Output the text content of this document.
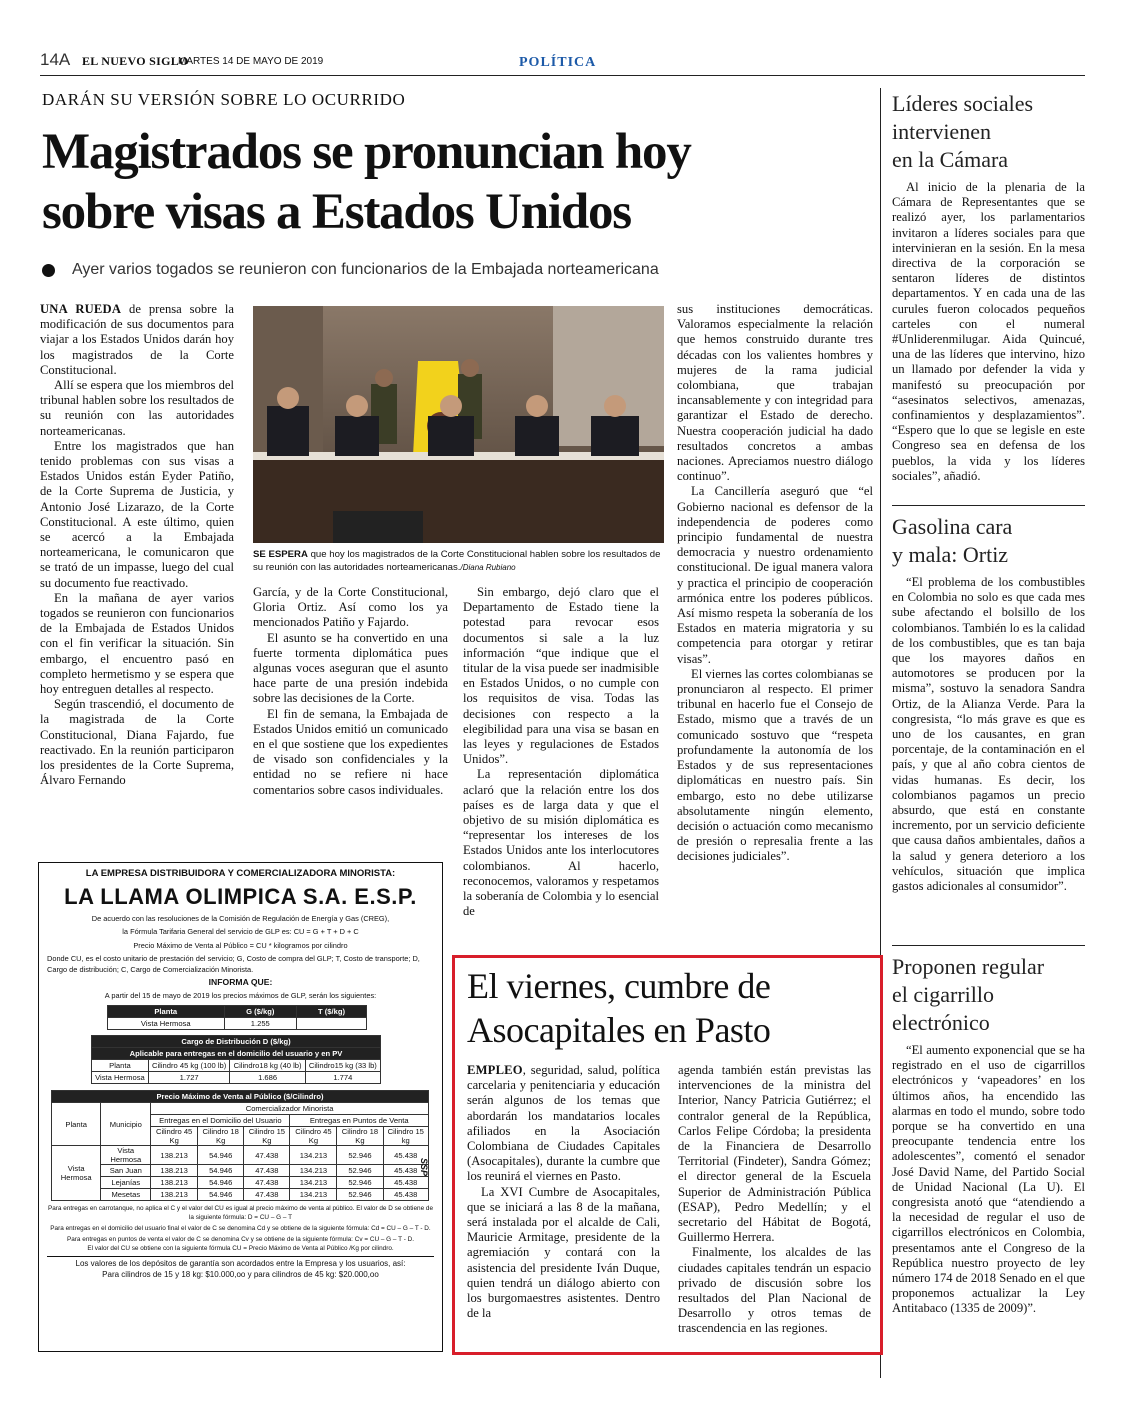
14A EL NUEVO SIGLO
MARTES 14 DE MAYO DE 2019	POLÍTICA
DARÁN SU VERSIÓN SOBRE LO OCURRIDO
Magistrados se pronuncian hoy
sobre visas a Estados Unidos
Ayer varios togados se reunieron con funcionarios de la Embajada norteamericana

UNA RUEDA de prensa sobre la modificación de sus documentos para viajar a los Estados Unidos darán hoy los magistrados de la Corte Constitucional.

Allí se espera que los miembros del tribunal hablen sobre los resultados de su reunión con las autoridades norteamericanas.

Entre los magistrados que han tenido problemas con sus visas a Estados Unidos están Eyder Patiño, de la Corte Suprema de Justicia, y Antonio José Lizarazo, de la Corte Constitucional. A este último, quien se acercó a la Embajada norteamericana, le comunicaron que se trató de un impasse, luego del cual su documento fue reactivado.

En la mañana de ayer varios togados se reunieron con funcionarios de la Embajada de Estados Unidos con el fin verificar la situación. Sin embargo, el encuentro pasó en completo hermetismo y se espera que hoy entreguen detalles al respecto.

Según trascendió, el documento de la magistrada de la Corte Constitucional, Diana Fajardo, fue reactivado. En la reunión participaron los presidentes de la Corte Suprema, Álvaro Fernando

SE ESPERA que hoy los magistrados de la Corte Constitucional hablen sobre los resultados de su reunión con las autoridades norteamericanas./Diana Rubiano

García, y de la Corte Constitucional, Gloria Ortiz. Así como los ya mencionados Patiño y Fajardo.

El asunto se ha convertido en una fuerte tormenta diplomática pues algunas voces aseguran que el asunto hace parte de una presión indebida sobre las decisiones de la Corte.

El fin de semana, la Embajada de Estados Unidos emitió un comunicado en el que sostiene que los expedientes de visado son confidenciales y la entidad no se refiere ni hace comentarios sobre casos individuales.

Sin embargo, dejó claro que el Departamento de Estado tiene la potestad para revocar esos documentos si sale a la luz información “que indique que el titular de la visa puede ser inadmisible en Estados Unidos, o no cumple con los requisitos de visa. Todas las decisiones con respecto a la elegibilidad para una visa se basan en las leyes y regulaciones de Estados Unidos”.

La representación diplomática aclaró que la relación entre los dos países es de larga data y que el objetivo de su misión diplomática es “representar los intereses de los Estados Unidos ante los interlocutores colombianos. Al hacerlo, reconocemos, valoramos y respetamos la soberanía de Colombia y lo esencial de

sus instituciones democráticas. Valoramos especialmente la relación que hemos construido durante tres décadas con los valientes hombres y mujeres de la rama judicial colombiana, que trabajan incansablemente y con integridad para garantizar el Estado de derecho. Nuestra cooperación judicial ha dado resultados concretos a ambas naciones. Apreciamos nuestro diálogo continuo”.

La Cancillería aseguró que “el Gobierno nacional es defensor de la independencia de poderes como principio fundamental de nuestra democracia y nuestro ordenamiento constitucional. De igual manera valora y practica el principio de cooperación armónica entre los poderes públicos. Así mismo respeta la soberanía de los Estados en materia migratoria y su competencia para otorgar y retirar visas”.

El viernes las cortes colombianas se pronunciaron al respecto. El primer tribunal en hacerlo fue el Consejo de Estado, mismo que a través de un comunicado sostuvo que “respeta profundamente la autonomía de los Estados y de sus representaciones diplomáticas en nuestro país. Sin embargo, esto no debe utilizarse absolutamente ningún elemento, decisión o actuación como mecanismo de presión o represalia frente a las decisiones judiciales”.

Líderes sociales
intervienen
en la Cámara

Al inicio de la plenaria de la Cámara de Representantes que se realizó ayer, los parlamentarios invitaron a líderes sociales para que intervinieran en la sesión. En la mesa directiva de la corporación se sentaron líderes de distintos departamentos. Y en cada una de las curules fueron colocados pequeños carteles con el numeral #Unliderenmilugar. Aida Quincué, una de las líderes que intervino, hizo un llamado por defender la vida y manifestó su preocupación por “asesinatos selectivos, amenazas, confinamientos y desplazamientos”. “Espero que lo que se legisle en este Congreso sea en defensa de los pueblos, la vida y los líderes sociales”, añadió.

Gasolina cara
y mala: Ortiz

“El problema de los combustibles en Colombia no solo es que cada mes sube afectando el bolsillo de los colombianos. También lo es la calidad de los combustibles, que es tan baja que los mayores daños en automotores se producen por la misma”, sostuvo la senadora Sandra Ortiz, de la Alianza Verde. Para la congresista, “lo más grave es que es uno de los causantes, en gran porcentaje, de la contaminación en el país, y que al año cobra cientos de vidas humanas. Es decir, los colombianos pagamos un precio absurdo, que está en constante incremento, por un servicio deficiente que causa daños ambientales, daños a la salud y genera deterioro a los vehículos, situación que implica gastos adicionales al consumidor”.

Proponen regular
el cigarrillo
electrónico

“El aumento exponencial que se ha registrado en el uso de cigarrillos electrónicos y ‘vapeadores’ en los últimos años, ha encendido las alarmas en todo el mundo, sobre todo porque se ha convertido en una preocupante tendencia entre los adolescentes”, comentó el senador José David Name, del Partido Social de Unidad Nacional (La U). El congresista anotó que “atendiendo a la necesidad de regular el uso de cigarrillos electrónicos en Colombia, presentamos ante el Congreso de la República nuestro proyecto de ley número 174 de 2018 Senado en el que proponemos actualizar la Ley Antitabaco (1335 de 2009)”.

El viernes, cumbre de
Asocapitales en Pasto

EMPLEO, seguridad, salud, política carcelaria y penitenciaria y educación serán algunos de los temas que abordarán los mandatarios locales afiliados en la Asociación Colombiana de Ciudades Capitales (Asocapitales), durante la cumbre que los reunirá el viernes en Pasto.

La XVI Cumbre de Asocapitales, que se iniciará a las 8 de la mañana, será instalada por el alcalde de Cali, Mauricie Armitage, presidente de la agremiación y contará con la asistencia del presidente Iván Duque, quien tendrá un diálogo abierto con los burgomaestres asistentes. Dentro de la

agenda también están previstas las intervenciones de la ministra del Interior, Nancy Patricia Gutiérrez; el contralor general de la República, Carlos Felipe Córdoba; la presidenta de la Financiera de Desarrollo Territorial (Findeter), Sandra Gómez; el director general de la Escuela Superior de Administración Pública (ESAP), Pedro Medellín; y el secretario del Hábitat de Bogotá, Guillermo Herrera.

Finalmente, los alcaldes de las ciudades capitales tendrán un espacio privado de discusión sobre los resultados del Plan Nacional de Desarrollo y otros temas de trascendencia en las regiones.

LA EMPRESA DISTRIBUIDORA Y COMERCIALIZADORA MINORISTA:
LA LLAMA OLIMPICA S.A. E.S.P.
De acuerdo con las resoluciones de la Comisión de Regulación de Energía y Gas (CREG),
la Fórmula Tarifaria General del servicio de GLP es: CU = G + T + D + C
Precio Máximo de Venta al Público = CU * kilogramos por cilindro
Donde CU, es el costo unitario de prestación del servicio; G, Costo de compra del GLP; T, Costo de transporte; D, Cargo de distribución; C, Cargo de Comercialización Minorista.
INFORMA QUE:
A partir del 15 de mayo de 2019 los precios máximos de GLP, serán los siguientes:
Planta	G ($/kg)	T ($/kg)
Vista Hermosa	1.255	
Cargo de Distribución D ($/kg)			
Aplicable para entregas en el domicilio del usuario y en PV			
Planta	Cilindro 45 kg (100 lb)	Cilindro18 kg (40 lb)	Cilindro15 kg (33 lb)
Vista Hermosa	1.727	1.686	1.774
SSP
Precio Máximo de Venta al Público ($/Cilindro)							
Planta	Municipio	Comercializador Minorista					
		Entregas en el Domicilio del Usuario			Entregas en Puntos de Venta		
		Cilindro 45 Kg	Cilindro 18 Kg	Cilindro 15 Kg	Cilindro 45 Kg	Cilindro 18 Kg	Cilindro 15 kg
Vista Hermosa	Vista Hermosa	138.213	54.946	47.438	134.213	52.946	45.438
	San Juan	138.213	54.946	47.438	134.213	52.946	45.438
	Lejanías	138.213	54.946	47.438	134.213	52.946	45.438
	Mesetas	138.213	54.946	47.438	134.213	52.946	45.438
Para entregas en carrotanque, no aplica el C y el valor del CU es igual al precio máximo de venta al público. El valor de D se obtiene de la siguiente fórmula: D = CU – G – T
Para entregas en el domicilio del usuario final el valor de C se denomina Cd y se obtiene de la siguiente fórmula: Cd = CU – G – T - D.
Para entregas en puntos de venta el valor de C se denomina Cv y se obtiene de la siguiente fórmula: Cv = CU – G – T - D.
El valor del CU se obtiene con la siguiente fórmula CU = Precio Máximo de Venta al Público /Kg por cilindro.
Los valores de los depósitos de garantía son acordados entre la Empresa y los usuarios, así:
Para cilindros de 15 y 18 kg: $10.000,oo y para cilindros de 45 kg: $20.000,oo
